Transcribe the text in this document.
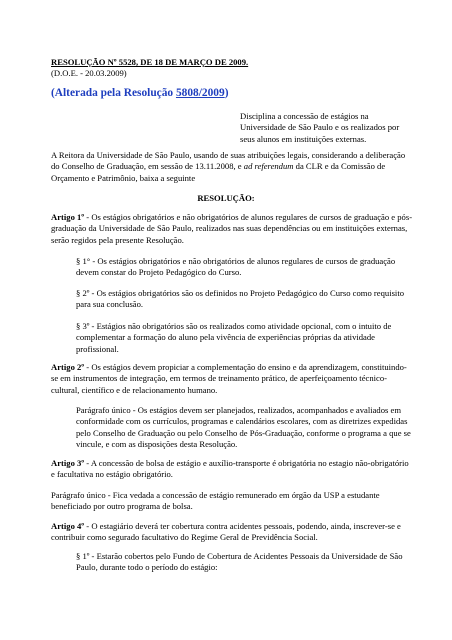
RESOLUÇÃO Nº 5528, DE 18 DE MARÇO DE 2009.

(D.O.E. - 20.03.2009)

(Alterada pela Resolução 5808/2009)

Disciplina a concessão de estágios na Universidade de São Paulo e os realizados por seus alunos em instituições externas.

A Reitora da Universidade de São Paulo, usando de suas atribuições legais, considerando a deliberação do Conselho de Graduação, em sessão de 13.11.2008, e ad referendum da CLR e da Comissão de Orçamento e Patrimônio, baixa a seguinte

RESOLUÇÃO:

Artigo 1º - Os estágios obrigatórios e não obrigatórios de alunos regulares de cursos de graduação e pós-graduação da Universidade de São Paulo, realizados nas suas dependências ou em instituições externas, serão regidos pela presente Resolução.

§ 1° - Os estágios obrigatórios e não obrigatórios de alunos regulares de cursos de graduação devem constar do Projeto Pedagógico do Curso.

§ 2º - Os estágios obrigatórios são os definidos no Projeto Pedagógico do Curso como requisito para sua conclusão.

§ 3º - Estágios não obrigatórios são os realizados como atividade opcional, com o intuito de complementar a formação do aluno pela vivência de experiências próprias da atividade profissional.

Artigo 2º - Os estágios devem propiciar a complementação do ensino e da aprendizagem, constituindo-se em instrumentos de integração, em termos de treinamento prático, de aperfeiçoamento técnico-cultural, científico e de relacionamento humano.

Parágrafo único - Os estágios devem ser planejados, realizados, acompanhados e avaliados em conformidade com os currículos, programas e calendários escolares, com as diretrizes expedidas pelo Conselho de Graduação ou pelo Conselho de Pós-Graduação, conforme o programa a que se vincule, e com as disposições desta Resolução.

Artigo 3º - A concessão de bolsa de estágio e auxílio-transporte é obrigatória no estagio não-obrigatório e facultativa no estágio obrigatório.

Parágrafo único - Fica vedada a concessão de estágio remunerado em órgão da USP a estudante beneficiado por outro programa de bolsa.

Artigo 4º - O estagiário deverá ter cobertura contra acidentes pessoais, podendo, ainda, inscrever-se e contribuir como segurado facultativo do Regime Geral de Previdência Social.

§ 1º - Estarão cobertos pelo Fundo de Cobertura de Acidentes Pessoais da Universidade de São Paulo, durante todo o período do estágio:
